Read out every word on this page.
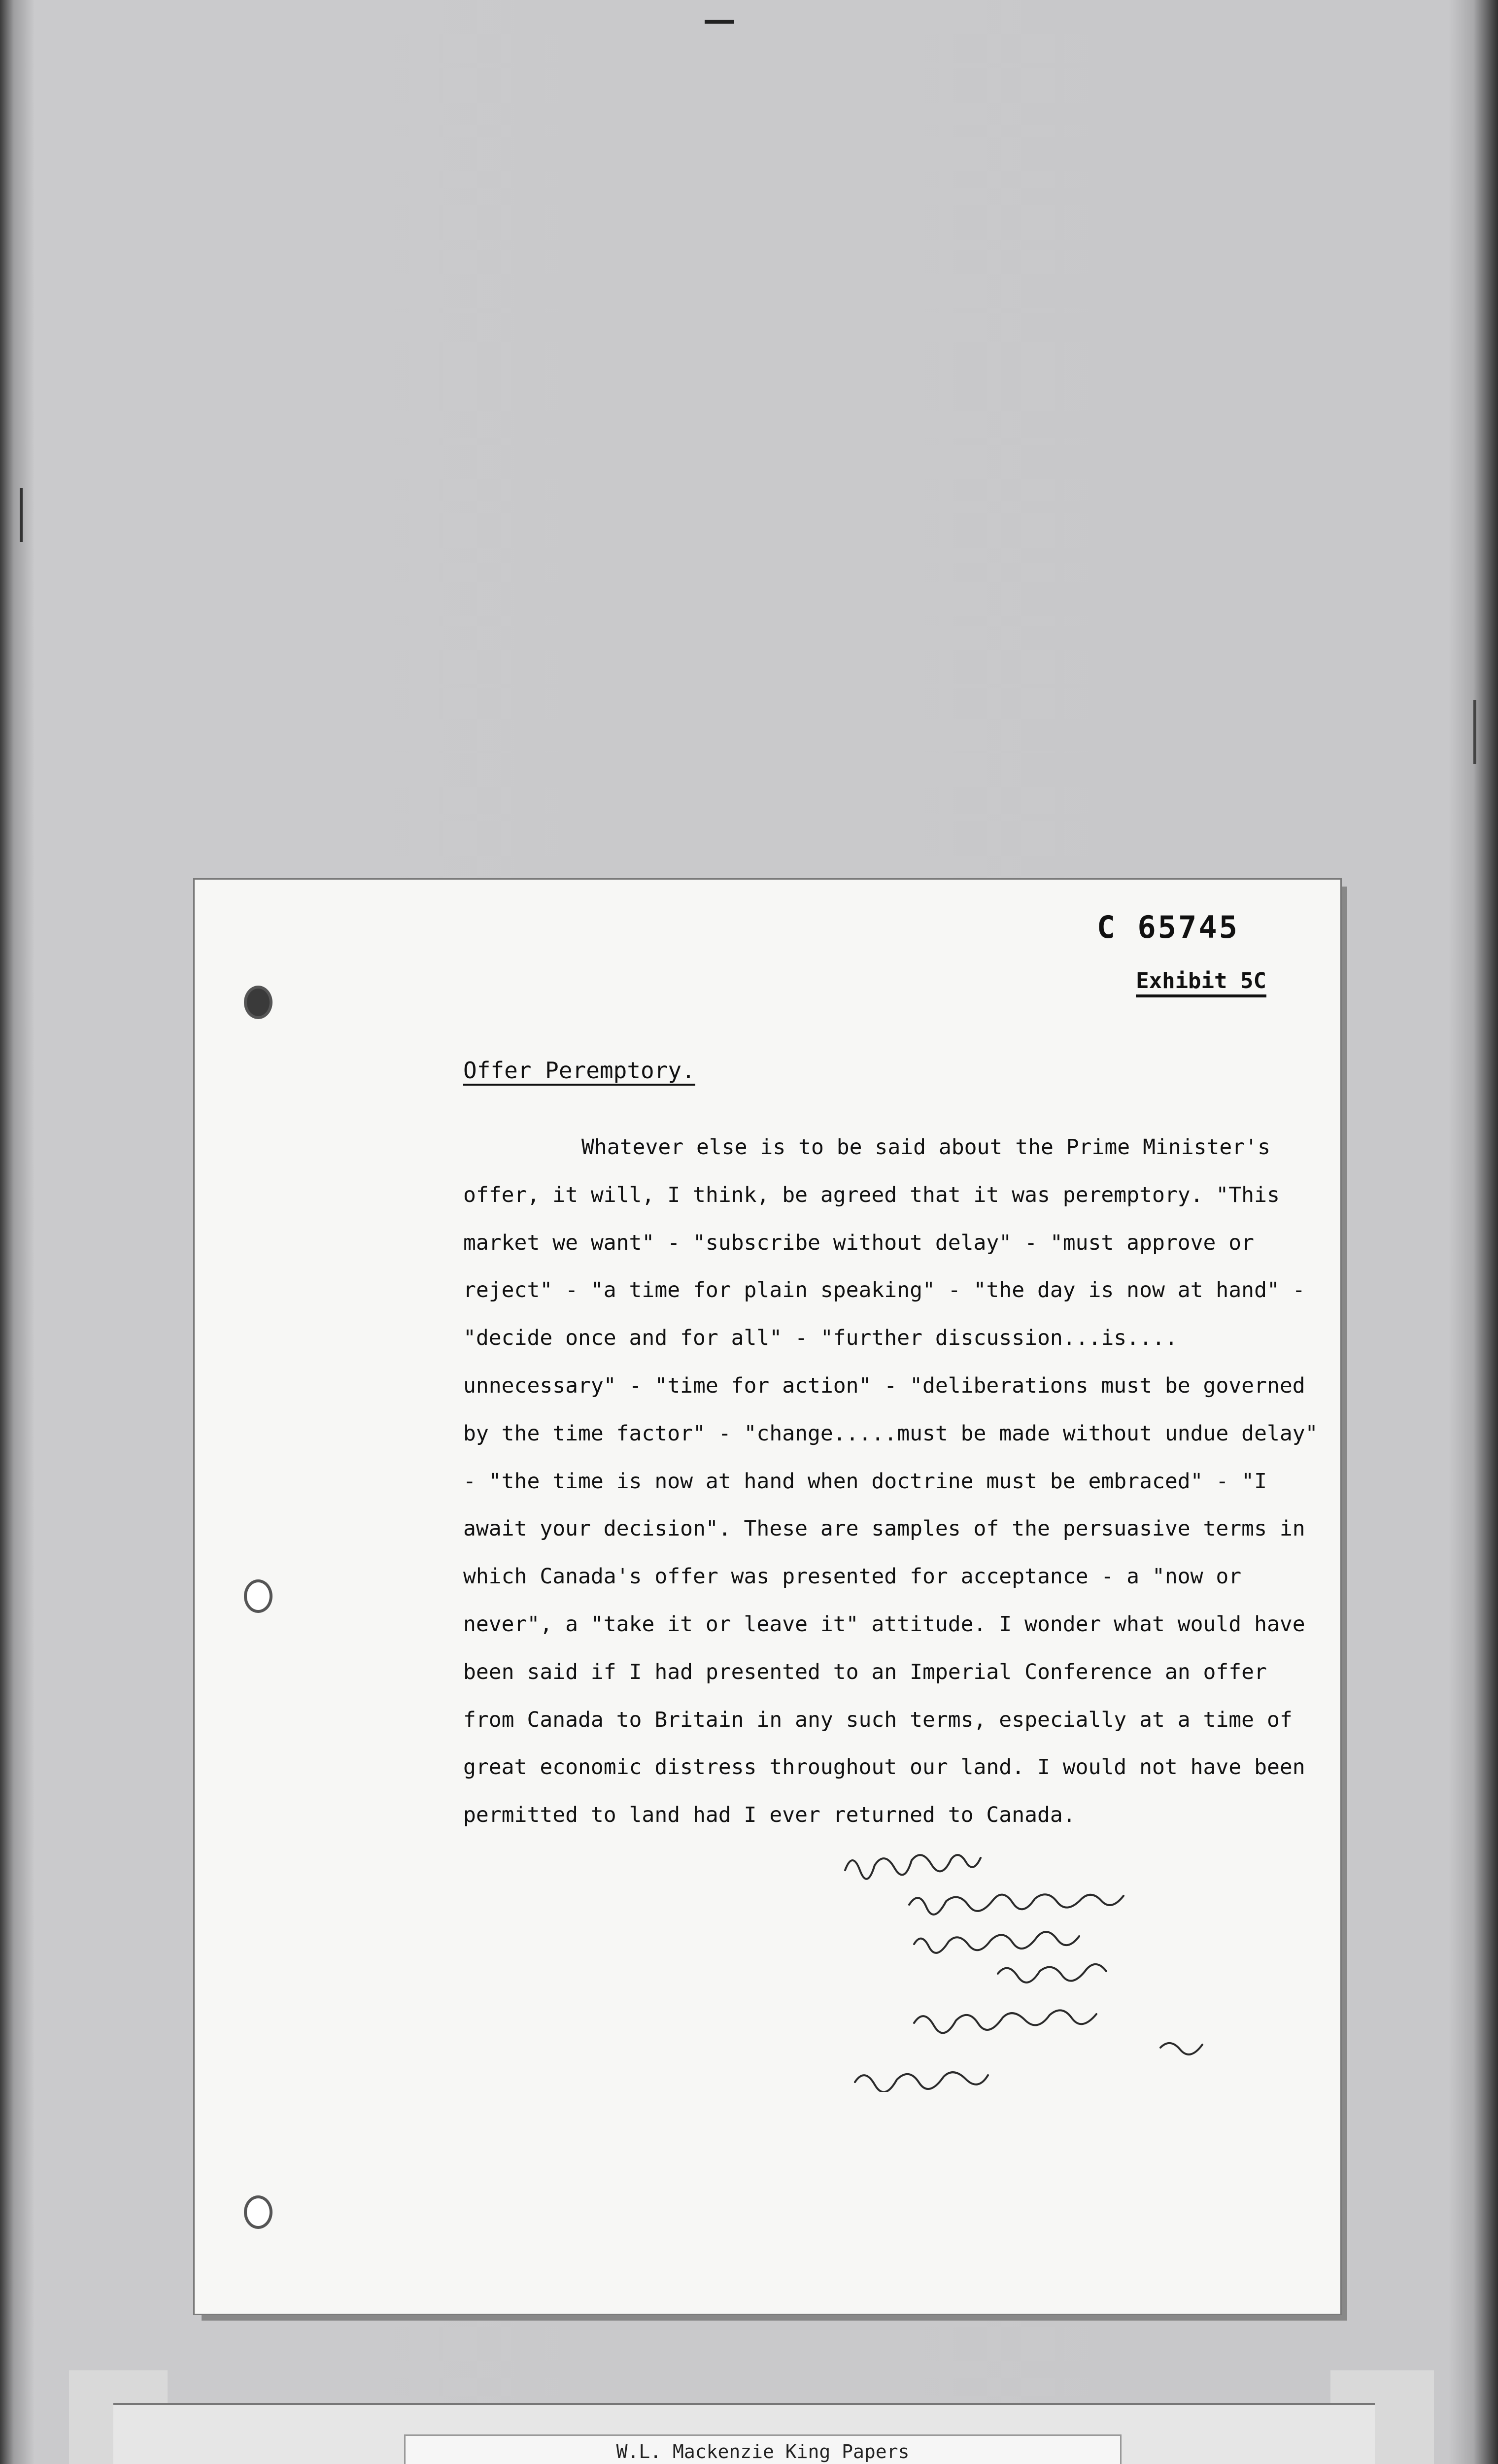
C 65745
Exhibit 5C
Offer Peremptory.

Whatever else is to be said about the Prime Minister's offer, it will, I think, be agreed that it was peremptory. "This market we want" - "subscribe without delay" - "must approve or reject" - "a time for plain speaking" - "the day is now at hand" - "decide once and for all" - "further discussion...is.... unnecessary" - "time for action" - "deliberations must be governed by the time factor" - "change.....must be made without undue delay" - "the time is now at hand when doctrine must be embraced" - "I await your decision". These are samples of the persuasive terms in which Canada's offer was presented for acceptance - a "now or never", a "take it or leave it" attitude. I wonder what would have been said if I had presented to an Imperial Conference an offer from Canada to Britain in any such terms, especially at a time of great economic distress throughout our land. I would not have been permitted to land had I ever returned to Canada.

W.L. Mackenzie King Papers
